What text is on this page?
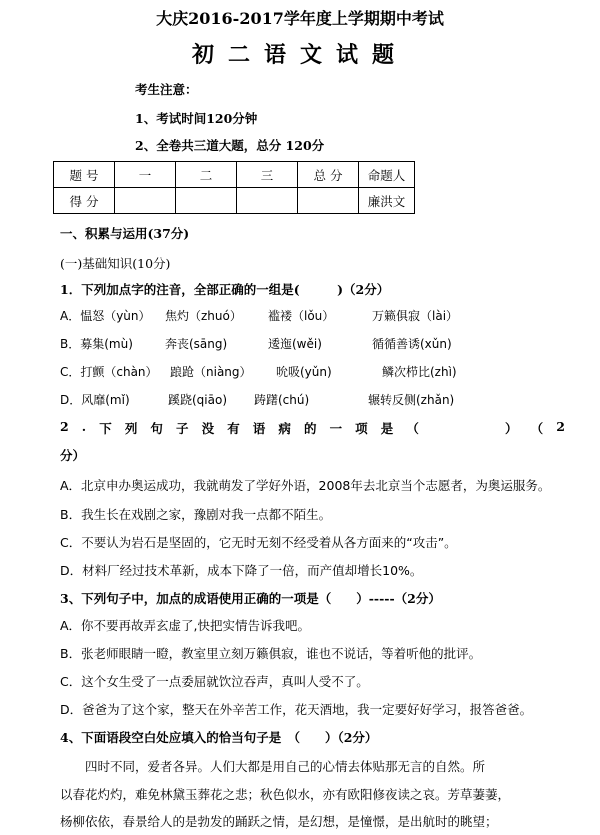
大庆2016-2017学年度上学期期中考试
初二语文试题
考生注意：
1、考试时间120分钟
2、全卷共三道大题，总分 120分
题 号	一	二	三	总 分	命题人
得 分					廉洪文
一、积累与运用(37分)
(一)基础知识(10分)
1．下列加点字的注音，全部正确的一组是(　　　)（2分）
A．愠怒（yùn） 焦灼（zhuó） 褴褛（lǒu）	万籁俱寂（lài）
B．募集(mù)	奔丧(sāng)	逶迤(wěi)	循循善诱(xǔn)
C．打颤（chàn） 踉跄（niàng） 吮吸(yǔn)	鳞次栉比(zhì)
D．风靡(mǐ)	蹊跷(qiāo) 踌躇(chú)	辗转反侧(zhǎn)
2 . 下 列 句 子 没 有 语 病 的 一 项 是 （	） （ 2
分）
A．北京申办奥运成功，我就萌发了学好外语，2008年去北京当个志愿者，为奥运服务。
B．我生长在戏剧之家，豫剧对我一点都不陌生。
C．不要认为岩石是坚固的，它无时无刻不经受着从各方面来的“攻击”。
D．材料厂经过技术革新，成本下降了一倍，而产值却增长10%。
3、下列句子中，加点的成语使用正确的一项是（　　）-----（2分）
A．你不要再故弄玄虚了,快把实情告诉我吧。
B．张老师眼睛一瞪，教室里立刻万籁俱寂，谁也不说话，等着听他的批评。
C．这个女生受了一点委屈就饮泣吞声，真叫人受不了。
D．爸爸为了这个家，整天在外辛苦工作，花天酒地，我一定要好好学习，报答爸爸。
4、下面语段空白处应填入的恰当句子是　（　　）（2分）
四时不同，爱者各异。人们大都是用自己的心情去体贴那无言的自然。所
以春花灼灼，难免林黛玉葬花之悲；秋色似水，亦有欧阳修夜读之哀。芳草萋萋，
杨柳依依，春景给人的是勃发的踊跃之情，是幻想，是憧憬，是出航时的眺望；
